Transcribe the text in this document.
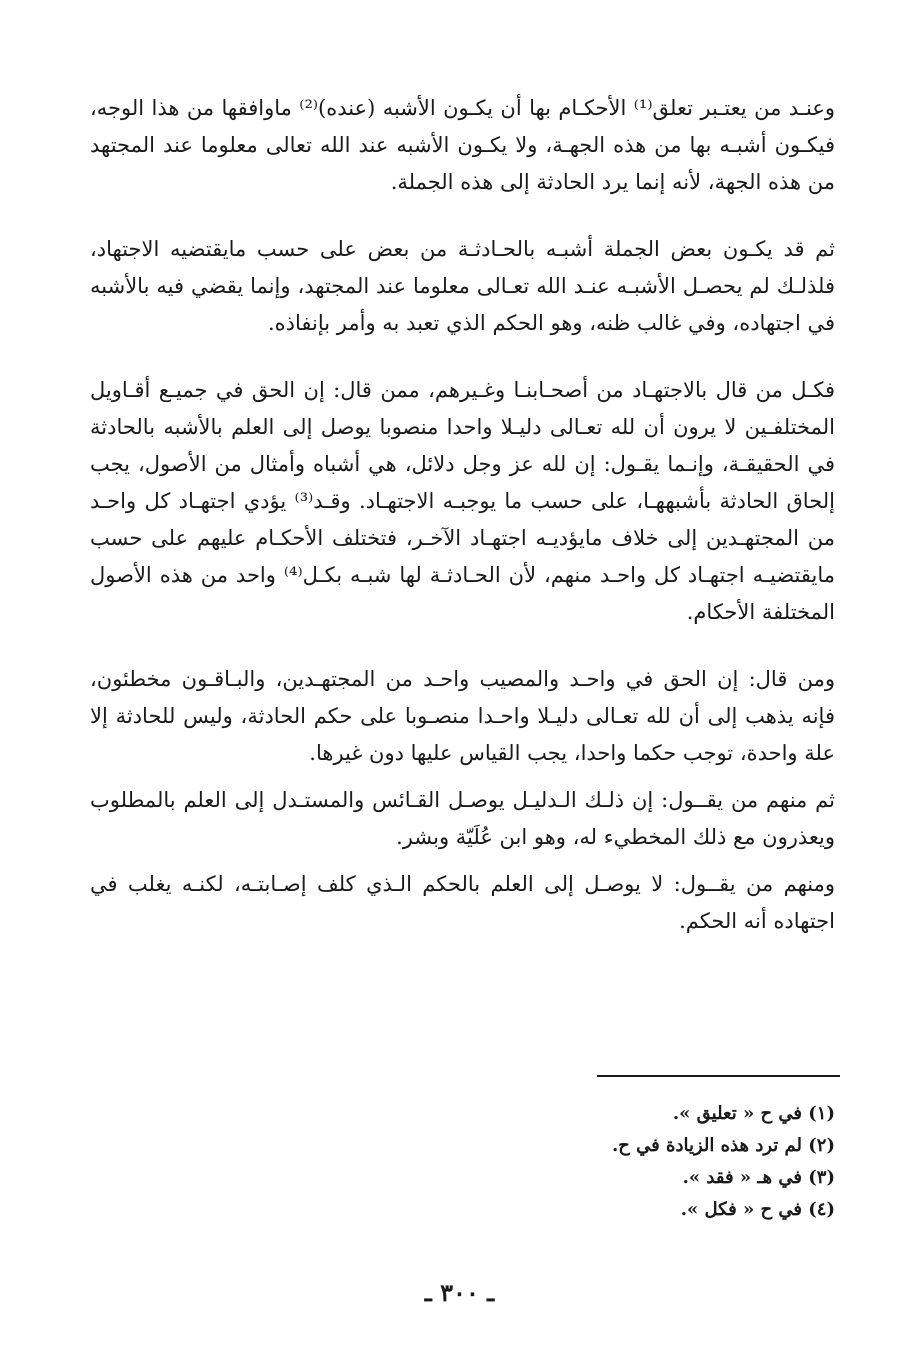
وعنـد من يعتـبر تعلق⁽¹⁾ الأحكـام بها أن يكـون الأشبه (عنده)⁽²⁾ ماوافقها من هذا الوجه، فيكـون أشبـه بها من هذه الجهـة، ولا يكـون الأشبه عند الله تعالى معلوما عند المجتهد من هذه الجهة، لأنه إنما يرد الحادثة إلى هذه الجملة.

ثم قد يكـون بعض الجملة أشبـه بالحـادثـة من بعض على حسب مايقتضيه الاجتهاد، فلذلـك لم يحصـل الأشبـه عنـد الله تعـالى معلوما عند المجتهد، وإنما يقضي فيه بالأشبه في اجتهاده، وفي غالب ظنه، وهو الحكم الذي تعبد به وأمر بإنفاذه.

فكـل من قال بالاجتهـاد من أصحـابنـا وغـيرهم، ممن قال: إن الحق في جميـع أقـاويل المختلفـين لا يرون أن لله تعـالى دليـلا واحدا منصوبا يوصل إلى العلم بالأشبه بالحادثة في الحقيقـة، وإنـما يقـول: إن لله عز وجل دلائل، هي أشباه وأمثال من الأصول، يجب إلحاق الحادثة بأشبههـا، على حسب ما يوجبـه الاجتهـاد. وقـد⁽³⁾ يؤدي اجتهـاد كل واحـد من المجتهـدين إلى خلاف مايؤديـه اجتهـاد الآخـر، فتختلف الأحكـام عليهم على حسب مايقتضيـه اجتهـاد كل واحـد منهم، لأن الحـادثـة لها شبـه بكـل⁽⁴⁾ واحد من هذه الأصول المختلفة الأحكام.

ومن قال: إن الحق في واحـد والمصيب واحـد من المجتهـدين، والبـاقـون مخطئون، فإنه يذهب إلى أن لله تعـالى دليـلا واحـدا منصـوبا على حكم الحادثة، وليس للحادثة إلا علة واحدة، توجب حكما واحدا، يجب القياس عليها دون غيرها.

ثم منهم من يقــول: إن ذلـك الـدليـل يوصـل القـائس والمستـدل إلى العلم بالمطلوب ويعذرون مع ذلك المخطيء له، وهو ابن عُلَيّة وبشر.

ومنهم من يقــول: لا يوصـل إلى العلم بالحكم الـذي كلف إصـابتـه، لكنـه يغلب في اجتهاده أنه الحكم.

(١) في ح « تعليق ».

(٢) لم ترد هذه الزيادة في ح.

(٣) في هـ « فقد ».

(٤) في ح « فكل ».

ـ ٣٠٠ ـ
